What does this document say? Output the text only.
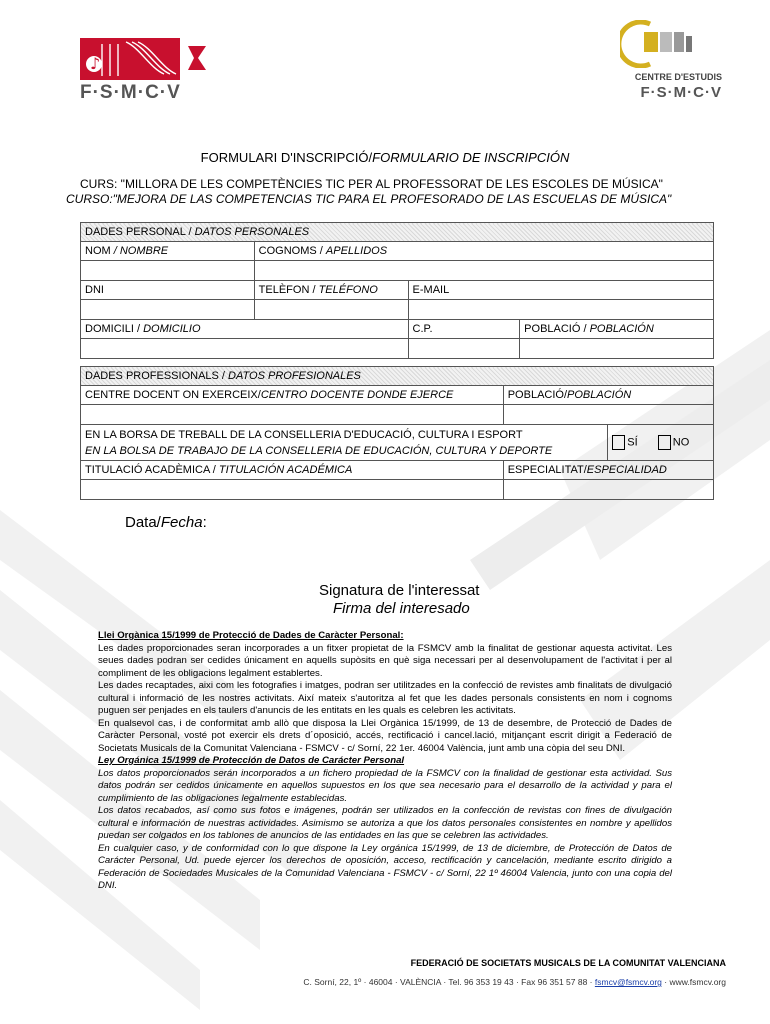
♪
F·S·M·C·V
CENTRE D'ESTUDIS
F·S·M·C·V
FORMULARI D'INSCRIPCIÓ/FORMULARIO DE INSCRIPCIÓN
CURS: "MILLORA DE LES COMPETÈNCIES TIC PER AL PROFESSORAT DE LES ESCOLES DE MÚSICA"
CURSO:"MEJORA DE LAS COMPETENCIAS TIC PARA EL PROFESORADO DE LAS ESCUELAS DE MÚSICA"
DADES PERSONAL / DATOS PERSONALES			
NOM / NOMBRE	COGNOMS / APELLIDOS		

DNI	TELÈFON / TELÉFONO	E-MAIL	

DOMICILI / DOMICILIO		C.P.	POBLACIÓ / POBLACIÓN

DADES PROFESSIONALS / DATOS PROFESIONALES		
CENTRE DOCENT ON EXERCEIX/CENTRO DOCENTE DONDE EJERCE	POBLACIÓ/POBLACIÓN	

EN LA BORSA DE TREBALL DE LA CONSELLERIA D'EDUCACIÓ, CULTURA I ESPORT
EN LA BOLSA DE TRABAJO DE LA CONSELLERIA DE EDUCACIÓN, CULTURA Y DEPORTE		SÍ NO
TITULACIÓ ACADÈMICA / TITULACIÓN ACADÉMICA	ESPECIALITAT/ESPECIALIDAD	

Data/Fecha:
Signatura de l'interessat
Firma del interesado

Llei Orgànica 15/1999 de Protecció de Dades de Caràcter Personal:

Les dades proporcionades seran incorporades a un fitxer propietat de la FSMCV amb la finalitat de gestionar aquesta activitat. Les seues dades podran ser cedides únicament en aquells supòsits en què siga necessari per al desenvolupament de l'activitat i per al compliment de les obligacions legalment establertes.

Les dades recaptades, aixi com les fotografies i imatges, podran ser utilitzades en la confecció de revistes amb finalitats de divulgació cultural i informació de les nostres activitats. Així mateix s'autoritza al fet que les dades personals consistents en nom i cognoms puguen ser penjades en els taulers d'anuncis de les entitats en les quals es celebren les activitats.

En qualsevol cas, i de conformitat amb allò que disposa la Llei Orgànica 15/1999, de 13 de desembre, de Protecció de Dades de Caràcter Personal, vosté pot exercir els drets d´oposició, accés, rectificació i cancel.lació, mitjançant escrit dirigit a Federació de Societats Musicals de la Comunitat Valenciana - FSMCV - c/ Sorní, 22 1er. 46004 València, junt amb una còpia del seu DNI.

Ley Orgánica 15/1999 de Protección de Datos de Carácter Personal

Los datos proporcionados serán incorporados a un fichero propiedad de la FSMCV con la finalidad de gestionar esta actividad. Sus datos podrán ser cedidos únicamente en aquellos supuestos en los que sea necesario para el desarrollo de la actividad y para el cumplimiento de las obligaciones legalmente establecidas.

Los datos recabados, así como sus fotos e imágenes, podrán ser utilizados en la confección de revistas con fines de divulgación cultural e información de nuestras actividades. Asimismo se autoriza a que los datos personales consistentes en nombre y apellidos puedan ser colgados en los tablones de anuncios de las entidades en las que se celebren las actividades.

En cualquier caso, y de conformidad con lo que dispone la Ley orgánica 15/1999, de 13 de diciembre, de Protección de Datos de Carácter Personal, Ud. puede ejercer los derechos de oposición, acceso, rectificación y cancelación, mediante escrito dirigido a Federación de Sociedades Musicales de la Comunidad Valenciana - FSMCV - c/ Sorní, 22 1º 46004 Valencia, junto con una copia del DNI.

FEDERACIÓ DE SOCIETATS MUSICALS DE LA COMUNITAT VALENCIANA
C. Sorní, 22, 1º · 46004 · VALÈNCIA · Tel. 96 353 19 43 · Fax 96 351 57 88 · fsmcv@fsmcv.org · www.fsmcv.org
